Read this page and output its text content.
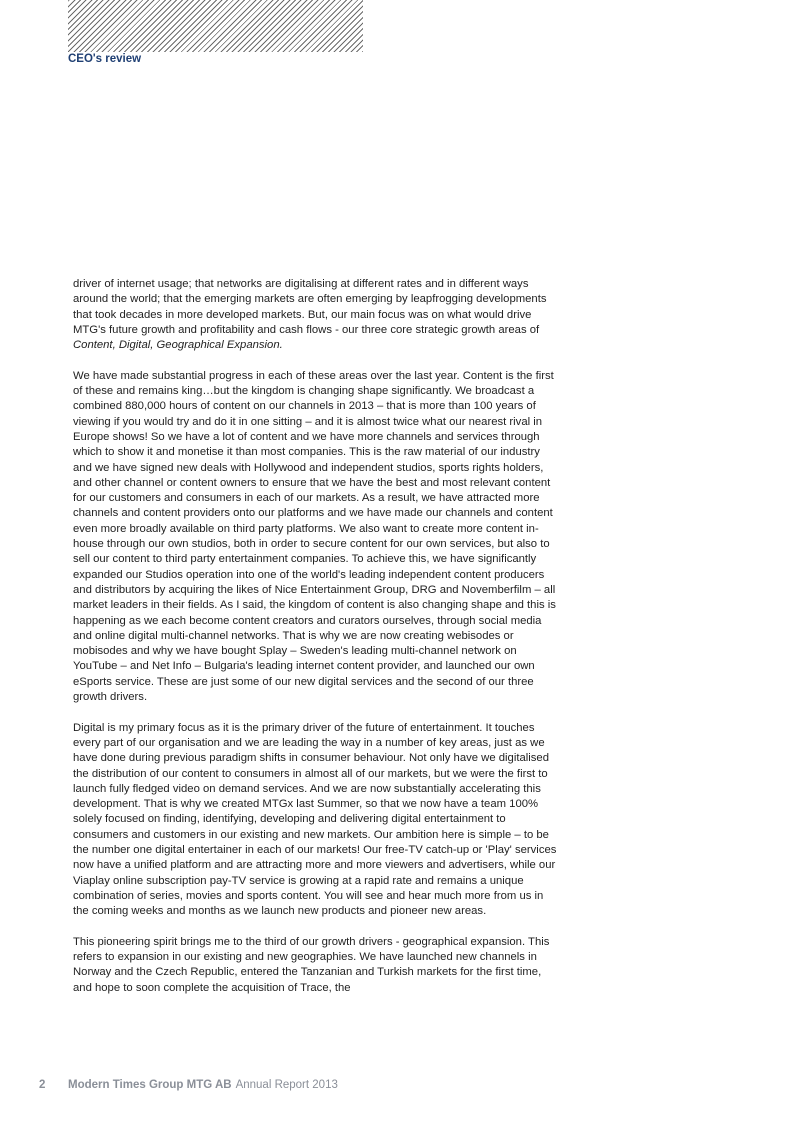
CEO's review

driver of internet usage; that networks are digitalising at different rates and in different ways around the world; that the emerging markets are often emerging by leapfrogging developments that took decades in more developed markets. But, our main focus was on what would drive MTG's future growth and profitability and cash flows - our three core strategic growth areas of Content, Digital, Geographical Expansion.

We have made substantial progress in each of these areas over the last year. Content is the first of these and remains king…but the kingdom is changing shape significantly. We broadcast a combined 880,000 hours of content on our channels in 2013 – that is more than 100 years of viewing if you would try and do it in one sitting – and it is almost twice what our nearest rival in Europe shows! So we have a lot of content and we have more channels and services through which to show it and monetise it than most companies. This is the raw material of our industry and we have signed new deals with Hollywood and independent studios, sports rights holders, and other channel or content owners to ensure that we have the best and most relevant content for our customers and consumers in each of our markets. As a result, we have attracted more channels and content providers onto our platforms and we have made our channels and content even more broadly available on third party platforms. We also want to create more content in-house through our own studios, both in order to secure content for our own services, but also to sell our content to third party entertainment companies. To achieve this, we have significantly expanded our Studios operation into one of the world's leading independent content producers and distributors by acquiring the likes of Nice Entertainment Group, DRG and Novemberfilm – all market leaders in their fields. As I said, the kingdom of content is also changing shape and this is happening as we each become content creators and curators ourselves, through social media and online digital multi-channel networks. That is why we are now creating webisodes or mobisodes and why we have bought Splay – Sweden's leading multi-channel network on YouTube – and Net Info – Bulgaria's leading internet content provider, and launched our own eSports service. These are just some of our new digital services and the second of our three growth drivers.

Digital is my primary focus as it is the primary driver of the future of entertainment. It touches every part of our organisation and we are leading the way in a number of key areas, just as we have done during previous paradigm shifts in consumer behaviour. Not only have we digitalised the distribution of our content to consumers in almost all of our markets, but we were the first to launch fully fledged video on demand services. And we are now substantially accelerating this development. That is why we created MTGx last Summer, so that we now have a team 100% solely focused on finding, identifying, developing and delivering digital entertainment to consumers and customers in our existing and new markets. Our ambition here is simple – to be the number one digital entertainer in each of our markets! Our free-TV catch-up or 'Play' services now have a unified platform and are attracting more and more viewers and advertisers, while our Viaplay online subscription pay-TV service is growing at a rapid rate and remains a unique combination of series, movies and sports content. You will see and hear much more from us in the coming weeks and months as we launch new products and pioneer new areas.

This pioneering spirit brings me to the third of our growth drivers - geographical expansion. This refers to expansion in our existing and new geographies. We have launched new channels in Norway and the Czech Republic, entered the Tanzanian and Turkish markets for the first time, and hope to soon complete the acquisition of Trace, the

2 Modern Times Group MTG AB Annual Report 2013
